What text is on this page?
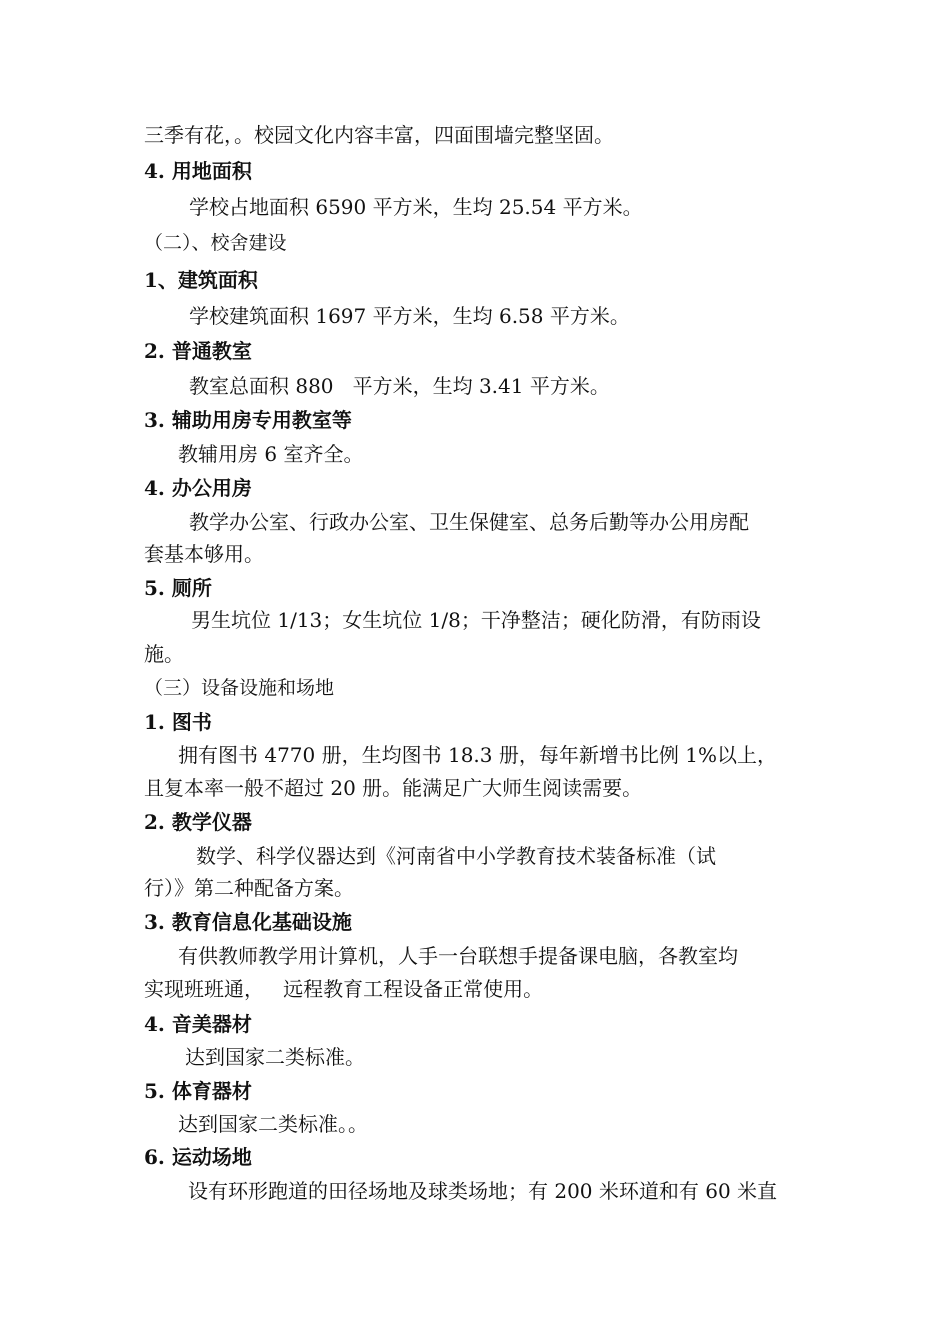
三季有花，。校园文化内容丰富，四面围墙完整坚固。
4. 用地面积
学校占地面积 6590 平方米，生均 25.54 平方米。
（二）、校舍建设
1、建筑面积
学校建筑面积 1697 平方米，生均 6.58 平方米。
2. 普通教室
教室总面积 880   平方米，生均 3.41 平方米。
3. 辅助用房专用教室等
教辅用房 6 室齐全。
4. 办公用房
教学办公室、行政办公室、卫生保健室、总务后勤等办公用房配
套基本够用。
5. 厕所
男生坑位 1/13；女生坑位 1/8；干净整洁；硬化防滑，有防雨设
施。
（三）设备设施和场地
1. 图书
拥有图书 4770 册，生均图书 18.3 册，每年新增书比例 1%以上，
且复本率一般不超过 20 册。能满足广大师生阅读需要。
2. 教学仪器
数学、科学仪器达到《河南省中小学教育技术装备标准（试
行）》第二种配备方案。
3. 教育信息化基础设施
有供教师教学用计算机，人手一台联想手提备课电脑，各教室均
实现班班通，   远程教育工程设备正常使用。
4. 音美器材
达到国家二类标准。
5. 体育器材
达到国家二类标准。。
6. 运动场地
设有环形跑道的田径场地及球类场地；有 200 米环道和有 60 米直
